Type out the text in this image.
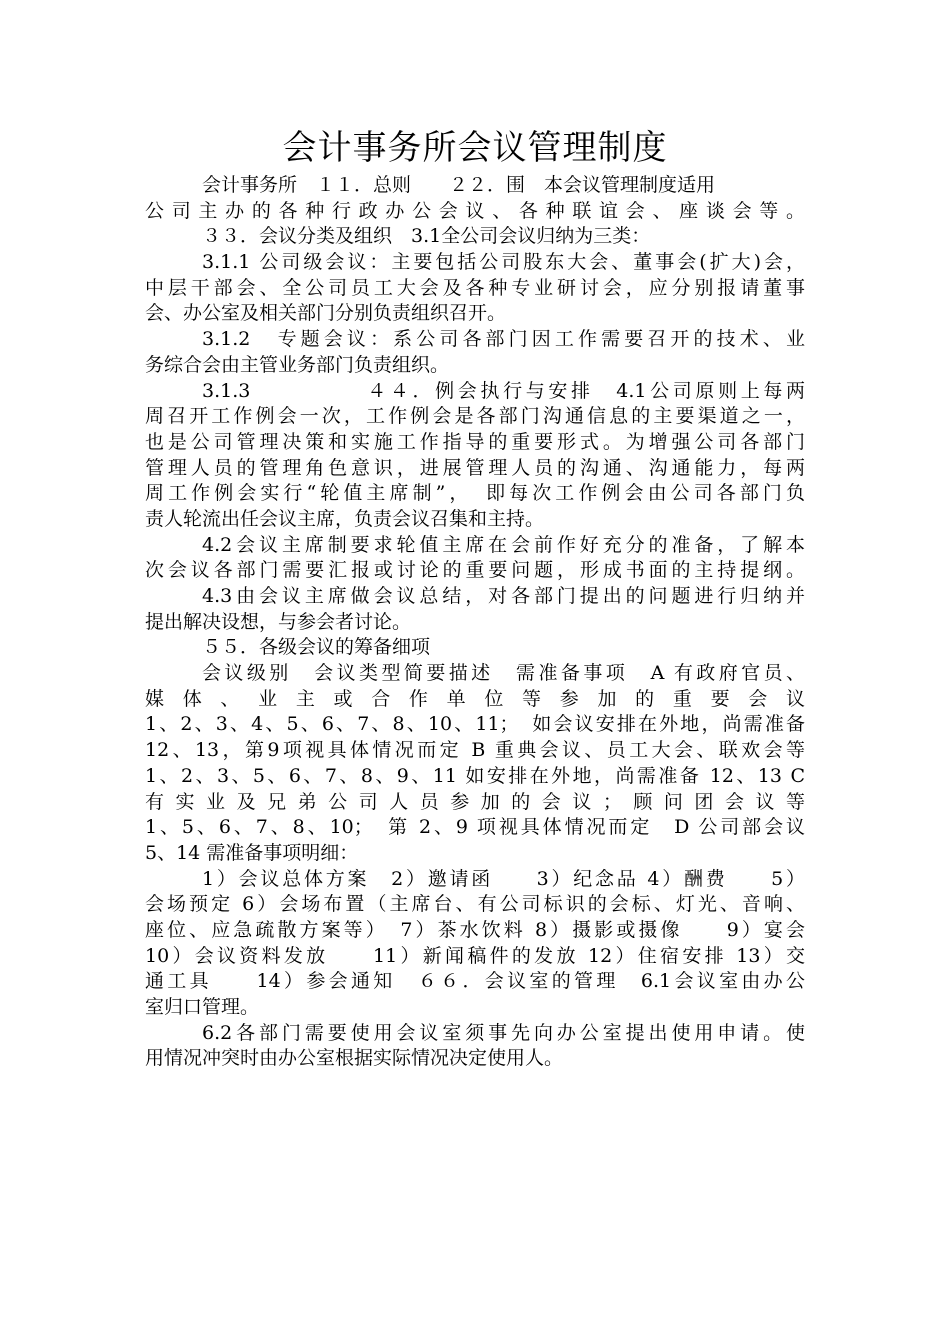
会计事务所会议管理制度
会计事务所　１１．总则　　２２．围　本会议管理制度适用
公司主办的各种行政办公会议、各种联谊会、座谈会等。
３３．会议分类及组织　3.1全公司会议归纳为三类：
3.1.1 公司级会议：主要包括公司股东大会、董事会(扩大)会，
中层干部会、全公司员工大会及各种专业研讨会，应分别报请董事
会、办公室及相关部门分别负责组织召开。
3.1.2　专题会议：系公司各部门因工作需要召开的技术、业
务综合会由主管业务部门负责组织。
3.1.3　　　　　４４．例会执行与安排　4.1公司原则上每两
周召开工作例会一次，工作例会是各部门沟通信息的主要渠道之一，
也是公司管理决策和实施工作指导的重要形式。为增强公司各部门
管理人员的管理角色意识，进展管理人员的沟通、沟通能力，每两
周工作例会实行“轮值主席制”，　即每次工作例会由公司各部门负
责人轮流出任会议主席，负责会议召集和主持。
4.2会议主席制要求轮值主席在会前作好充分的准备，了解本
次会议各部门需要汇报或讨论的重要问题，形成书面的主持提纲。
4.3由会议主席做会议总结，对各部门提出的问题进行归纳并
提出解决设想，与参会者讨论。
５５．各级会议的筹备细项
会议级别　会议类型简要描述　需准备事项　A 有政府官员、
媒体、业主或合作单位等参加的重要会议
1、2、3、4、5、6、7、8、10、11；　如会议安排在外地，尚需准备
12、13，第9项视具体情况而定 B 重典会议、员工大会、联欢会等
1、2、3、5、6、7、8、9、11 如安排在外地，尚需准备 12、13 C
有实业及兄弟公司人员参加的会议；顾问团会议等
1、5、6、7、8、10；　第 2、9 项视具体情况而定　D 公司部会议
5、14 需准备事项明细：
1）会议总体方案　2）邀请函　　3）纪念品 4）酬费　　5）
会场预定 6）会场布置（主席台、有公司标识的会标、灯光、音响、
座位、应急疏散方案等）　7）茶水饮料 8）摄影或摄像　　9）宴会
10）会议资料发放　　11）新闻稿件的发放 12）住宿安排 13）交
通工具　　14）参会通知　６６．会议室的管理　6.1会议室由办公
室归口管理。
6.2各部门需要使用会议室须事先向办公室提出使用申请。使
用情况冲突时由办公室根据实际情况决定使用人。
